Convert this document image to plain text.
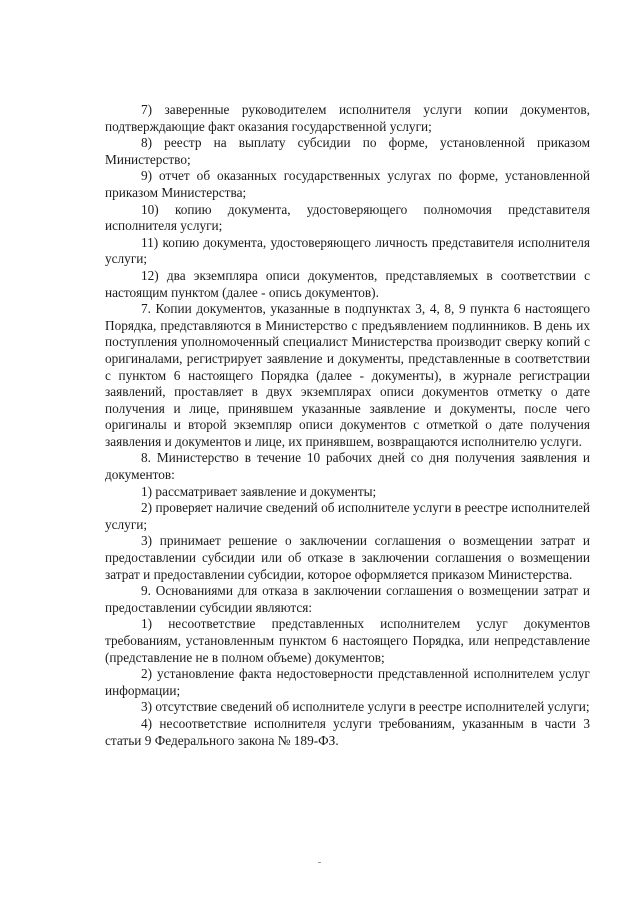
7) заверенные руководителем исполнителя услуги копии документов, подтверждающие факт оказания государственной услуги;

8) реестр на выплату субсидии по форме, установленной приказом Министерство;

9) отчет об оказанных государственных услугах по форме, установленной приказом Министерства;

10) копию документа, удостоверяющего полномочия представителя исполнителя услуги;

11) копию документа, удостоверяющего личность представителя исполнителя услуги;

12) два экземпляра описи документов, представляемых в соответствии с настоящим пунктом (далее - опись документов).

7. Копии документов, указанные в подпунктах 3, 4, 8, 9 пункта 6 настоящего Порядка, представляются в Министерство с предъявлением подлинников. В день их поступления уполномоченный специалист Министерства производит сверку копий с оригиналами, регистрирует заявление и документы, представленные в соответствии с пунктом 6 настоящего Порядка (далее - документы), в журнале регистрации заявлений, проставляет в двух экземплярах описи документов отметку о дате получения и лице, принявшем указанные заявление и документы, после чего оригиналы и второй экземпляр описи документов с отметкой о дате получения заявления и документов и лице, их принявшем, возвращаются исполнителю услуги.

8. Министерство в течение 10 рабочих дней со дня получения заявления и документов:

1) рассматривает заявление и документы;

2) проверяет наличие сведений об исполнителе услуги в реестре исполнителей услуги;

3) принимает решение о заключении соглашения о возмещении затрат и предоставлении субсидии или об отказе в заключении соглашения о возмещении затрат и предоставлении субсидии, которое оформляется приказом Министерства.

9. Основаниями для отказа в заключении соглашения о возмещении затрат и предоставлении субсидии являются:

1) несоответствие представленных исполнителем услуг документов требованиям, установленным пунктом 6 настоящего Порядка, или непредставление (представление не в полном объеме) документов;

2) установление факта недостоверности представленной исполнителем услуг информации;

3) отсутствие сведений об исполнителе услуги в реестре исполнителей услуги;

4) несоответствие исполнителя услуги требованиям, указанным в части 3 статьи 9 Федерального закона № 189-ФЗ.
